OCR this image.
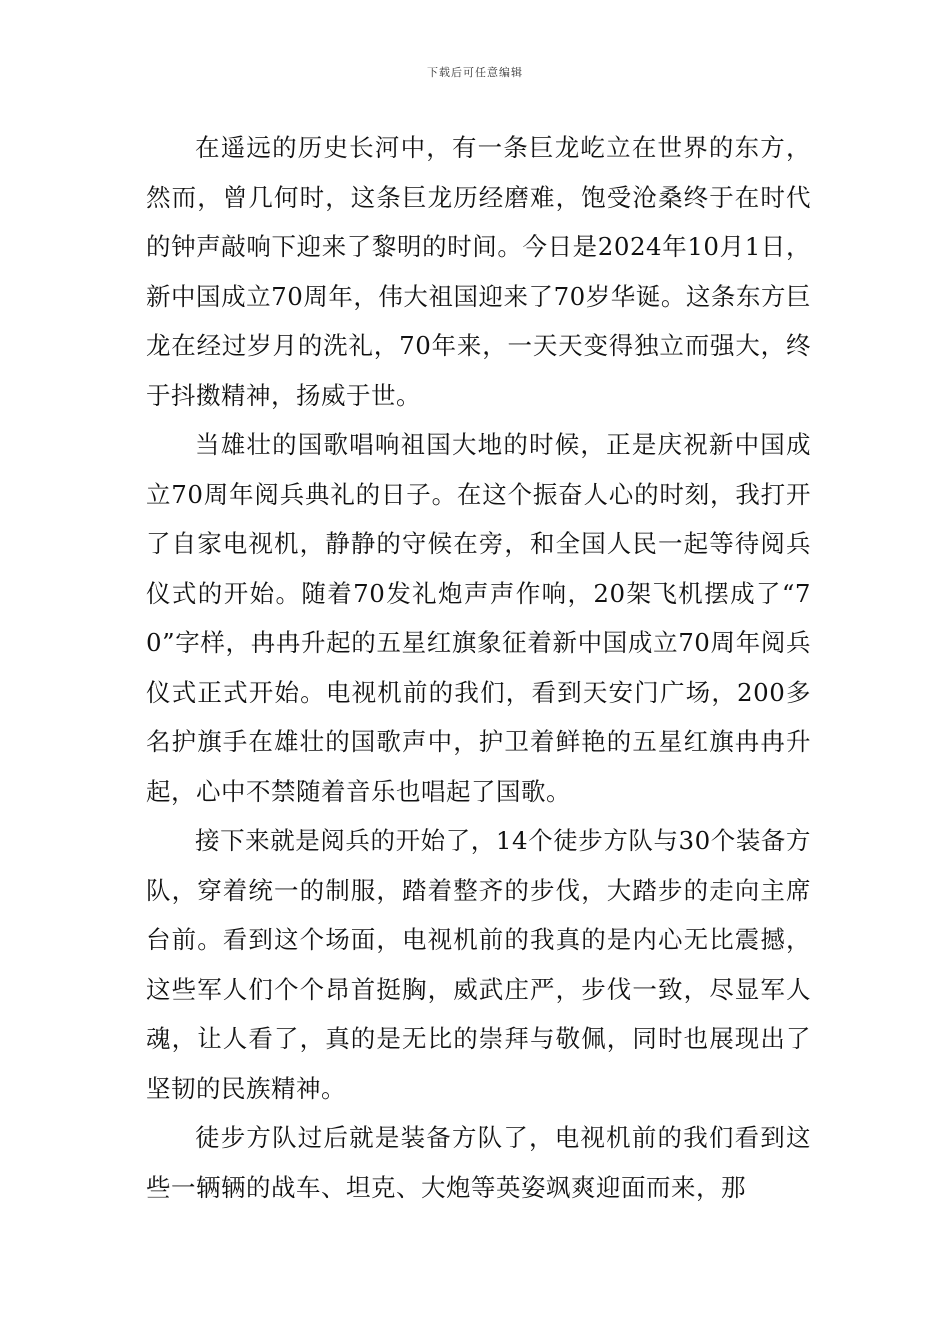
下载后可任意编辑

在遥远的历史长河中，有一条巨龙屹立在世界的东方，然而，曾几何时，这条巨龙历经磨难，饱受沧桑终于在时代的钟声敲响下迎来了黎明的时间。今日是2024年10月1日，新中国成立70周年，伟大祖国迎来了70岁华诞。这条东方巨龙在经过岁月的洗礼，70年来，一天天变得独立而强大，终于抖擞精神，扬威于世。

当雄壮的国歌唱响祖国大地的时候，正是庆祝新中国成立70周年阅兵典礼的日子。在这个振奋人心的时刻，我打开了自家电视机，静静的守候在旁，和全国人民一起等待阅兵仪式的开始。随着70发礼炮声声作响，20架飞机摆成了“70”字样，冉冉升起的五星红旗象征着新中国成立70周年阅兵仪式正式开始。电视机前的我们，看到天安门广场，200多名护旗手在雄壮的国歌声中，护卫着鲜艳的五星红旗冉冉升起，心中不禁随着音乐也唱起了国歌。

接下来就是阅兵的开始了，14个徒步方队与30个装备方队，穿着统一的制服，踏着整齐的步伐，大踏步的走向主席台前。看到这个场面，电视机前的我真的是内心无比震撼，这些军人们个个昂首挺胸，威武庄严，步伐一致，尽显军人魂，让人看了，真的是无比的崇拜与敬佩，同时也展现出了坚韧的民族精神。

徒步方队过后就是装备方队了，电视机前的我们看到这些一辆辆的战车、坦克、大炮等英姿飒爽迎面而来，那
